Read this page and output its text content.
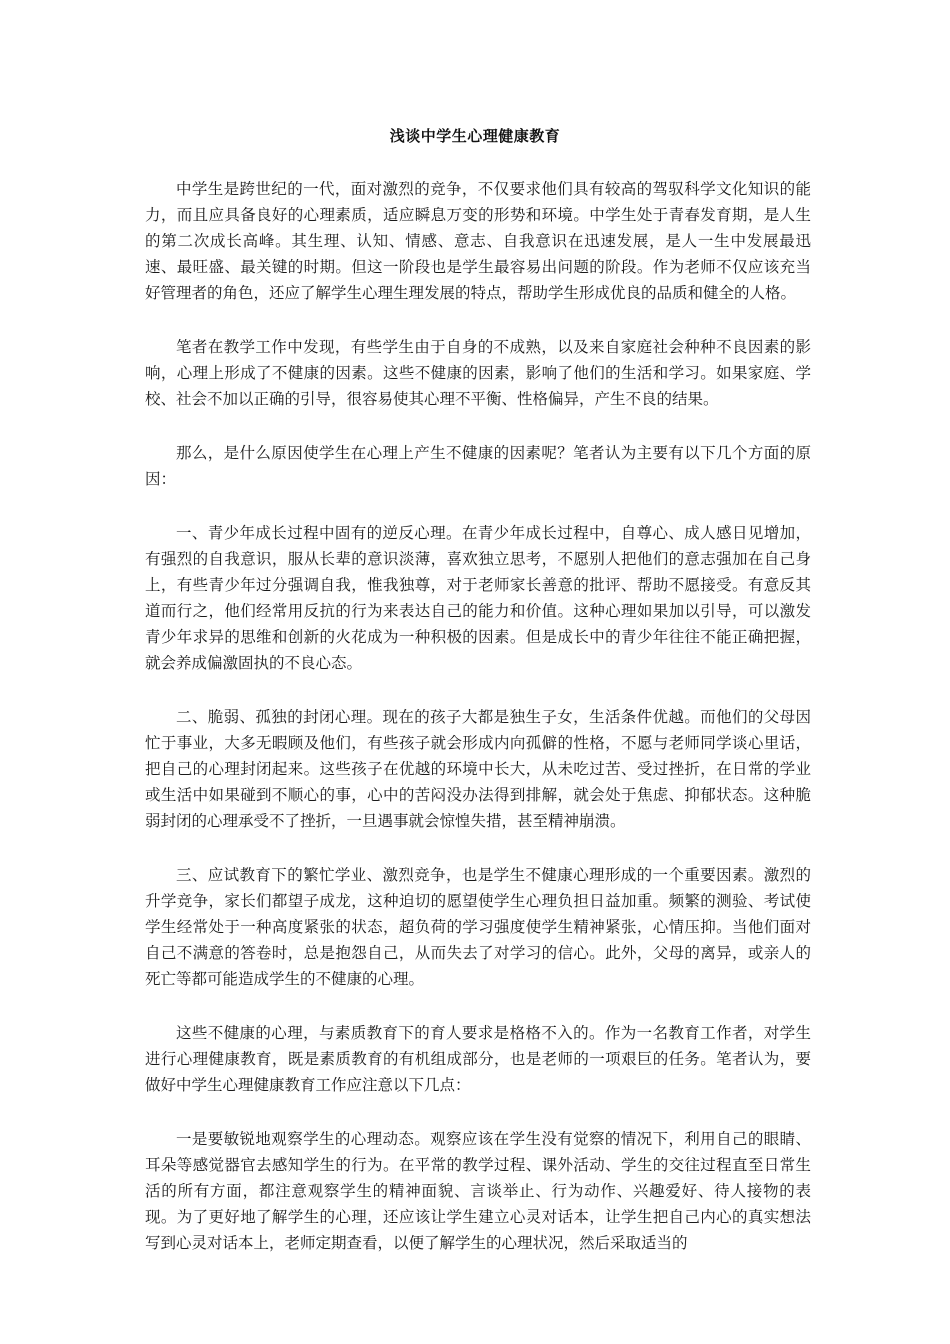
浅谈中学生心理健康教育

中学生是跨世纪的一代，面对激烈的竞争，不仅要求他们具有较高的驾驭科学文化知识的能力，而且应具备良好的心理素质，适应瞬息万变的形势和环境。中学生处于青春发育期，是人生的第二次成长高峰。其生理、认知、情感、意志、自我意识在迅速发展，是人一生中发展最迅速、最旺盛、最关键的时期。但这一阶段也是学生最容易出问题的阶段。作为老师不仅应该充当好管理者的角色，还应了解学生心理生理发展的特点，帮助学生形成优良的品质和健全的人格。

笔者在教学工作中发现，有些学生由于自身的不成熟，以及来自家庭社会种种不良因素的影响，心理上形成了不健康的因素。这些不健康的因素，影响了他们的生活和学习。如果家庭、学校、社会不加以正确的引导，很容易使其心理不平衡、性格偏异，产生不良的结果。

那么，是什么原因使学生在心理上产生不健康的因素呢？笔者认为主要有以下几个方面的原因：

一、青少年成长过程中固有的逆反心理。在青少年成长过程中，自尊心、成人感日见增加，有强烈的自我意识，服从长辈的意识淡薄，喜欢独立思考，不愿别人把他们的意志强加在自己身上，有些青少年过分强调自我，惟我独尊，对于老师家长善意的批评、帮助不愿接受。有意反其道而行之，他们经常用反抗的行为来表达自己的能力和价值。这种心理如果加以引导，可以激发青少年求异的思维和创新的火花成为一种积极的因素。但是成长中的青少年往往不能正确把握，就会养成偏激固执的不良心态。

二、脆弱、孤独的封闭心理。现在的孩子大都是独生子女，生活条件优越。而他们的父母因忙于事业，大多无暇顾及他们，有些孩子就会形成内向孤僻的性格，不愿与老师同学谈心里话，把自己的心理封闭起来。这些孩子在优越的环境中长大，从未吃过苦、受过挫折，在日常的学业或生活中如果碰到不顺心的事，心中的苦闷没办法得到排解，就会处于焦虑、抑郁状态。这种脆弱封闭的心理承受不了挫折，一旦遇事就会惊惶失措，甚至精神崩溃。

三、应试教育下的繁忙学业、激烈竞争，也是学生不健康心理形成的一个重要因素。激烈的升学竞争，家长们都望子成龙，这种迫切的愿望使学生心理负担日益加重。频繁的测验、考试使学生经常处于一种高度紧张的状态，超负荷的学习强度使学生精神紧张，心情压抑。当他们面对自己不满意的答卷时，总是抱怨自己，从而失去了对学习的信心。此外，父母的离异，或亲人的死亡等都可能造成学生的不健康的心理。

这些不健康的心理，与素质教育下的育人要求是格格不入的。作为一名教育工作者，对学生进行心理健康教育，既是素质教育的有机组成部分，也是老师的一项艰巨的任务。笔者认为，要做好中学生心理健康教育工作应注意以下几点：

一是要敏锐地观察学生的心理动态。观察应该在学生没有觉察的情况下，利用自己的眼睛、耳朵等感觉器官去感知学生的行为。在平常的教学过程、课外活动、学生的交往过程直至日常生活的所有方面，都注意观察学生的精神面貌、言谈举止、行为动作、兴趣爱好、待人接物的表现。为了更好地了解学生的心理，还应该让学生建立心灵对话本，让学生把自己内心的真实想法写到心灵对话本上，老师定期查看，以便了解学生的心理状况，然后采取适当的
